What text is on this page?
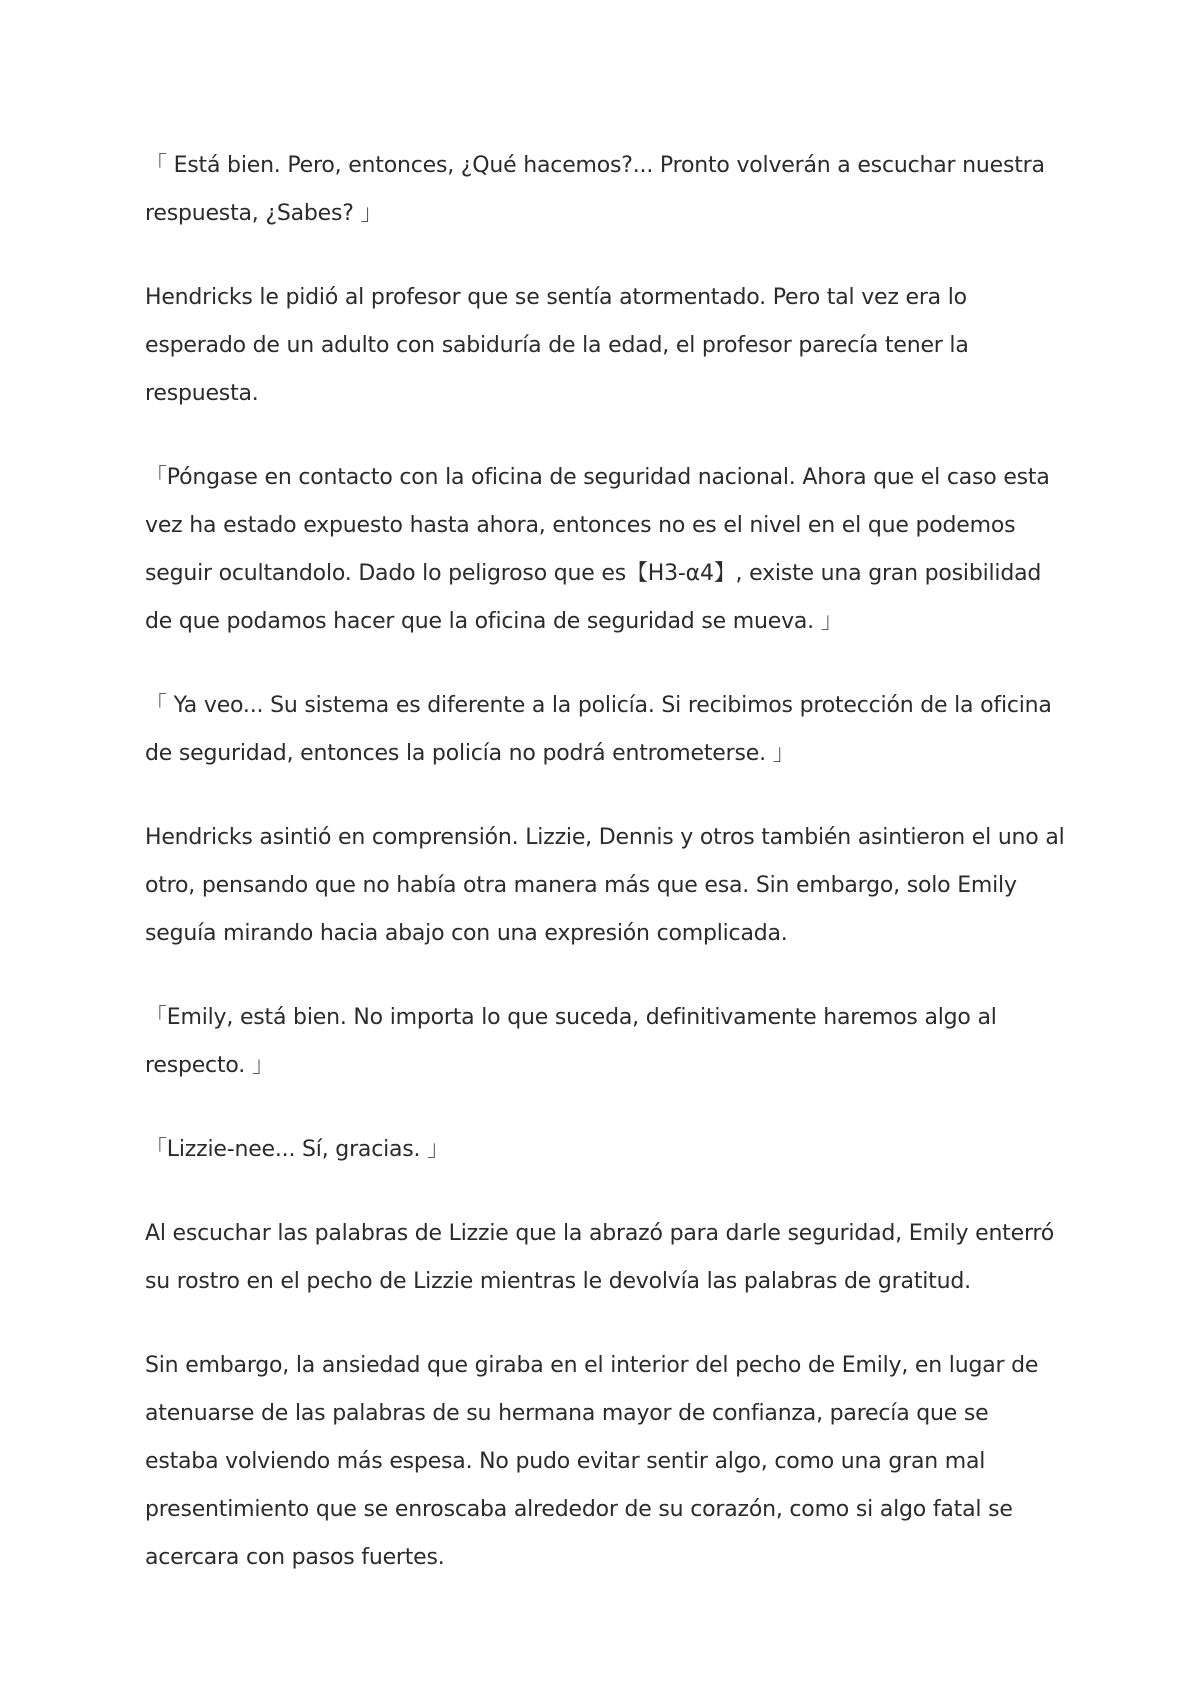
「 Está bien. Pero, entonces, ¿Qué hacemos?... Pronto volverán a escuchar nuestra respuesta, ¿Sabes? 」

Hendricks le pidió al profesor que se sentía atormentado. Pero tal vez era lo esperado de un adulto con sabiduría de la edad, el profesor parecía tener la respuesta.

「Póngase en contacto con la oficina de seguridad nacional. Ahora que el caso esta vez ha estado expuesto hasta ahora, entonces no es el nivel en el que podemos seguir ocultandolo. Dado lo peligroso que es【H3-α4】, existe una gran posibilidad de que podamos hacer que la oficina de seguridad se mueva. 」

「 Ya veo... Su sistema es diferente a la policía. Si recibimos protección de la oficina de seguridad, entonces la policía no podrá entrometerse. 」

Hendricks asintió en comprensión. Lizzie, Dennis y otros también asintieron el uno al otro, pensando que no había otra manera más que esa. Sin embargo, solo Emily seguía mirando hacia abajo con una expresión complicada.

「Emily, está bien. No importa lo que suceda, definitivamente haremos algo al respecto. 」

「Lizzie-nee... Sí, gracias. 」

Al escuchar las palabras de Lizzie que la abrazó para darle seguridad, Emily enterró su rostro en el pecho de Lizzie mientras le devolvía las palabras de gratitud.

Sin embargo, la ansiedad que giraba en el interior del pecho de Emily, en lugar de atenuarse de las palabras de su hermana mayor de confianza, parecía que se estaba volviendo más espesa. No pudo evitar sentir algo, como una gran mal presentimiento que se enroscaba alrededor de su corazón, como si algo fatal se acercara con pasos fuertes.
